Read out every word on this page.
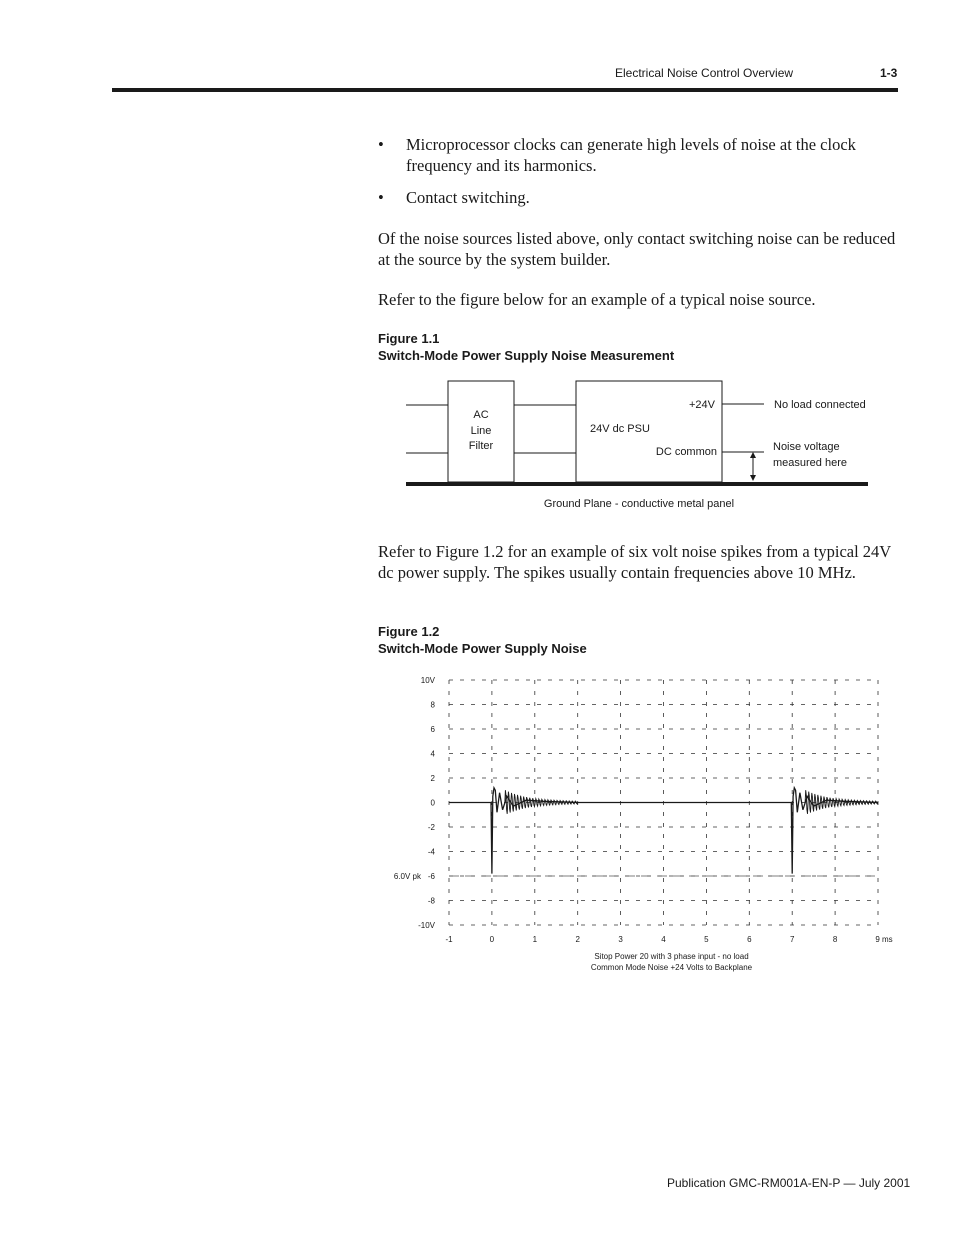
Electrical Noise Control Overview	1-3
• Microprocessor clocks can generate high levels of noise at the clock frequency and its harmonics.
• Contact switching.
Of the noise sources listed above, only contact switching noise can be reduced at the source by the system builder.
Refer to the figure below for an example of a typical noise source.
Figure 1.1
Switch-Mode Power Supply Noise Measurement
AC
Line
Filter
24V dc PSU
+24V
DC common
No load connected
Noise voltage
measured here
Ground Plane - conductive metal panel
Refer to Figure 1.2 for an example of six volt noise spikes from a typical 24V dc power supply. The spikes usually contain frequencies above 10 MHz.
Figure 1.2
Switch-Mode Power Supply Noise
10V
8
6
4
2
0
-2
-4
-6
-8
-10V
-1	0	1	2	3	4	5	6	7	8	9 ms
6.0V pk
Sitop Power 20 with 3 phase input - no load
Common Mode Noise +24 Volts to Backplane
Publication GMC-RM001A-EN-P — July 2001
